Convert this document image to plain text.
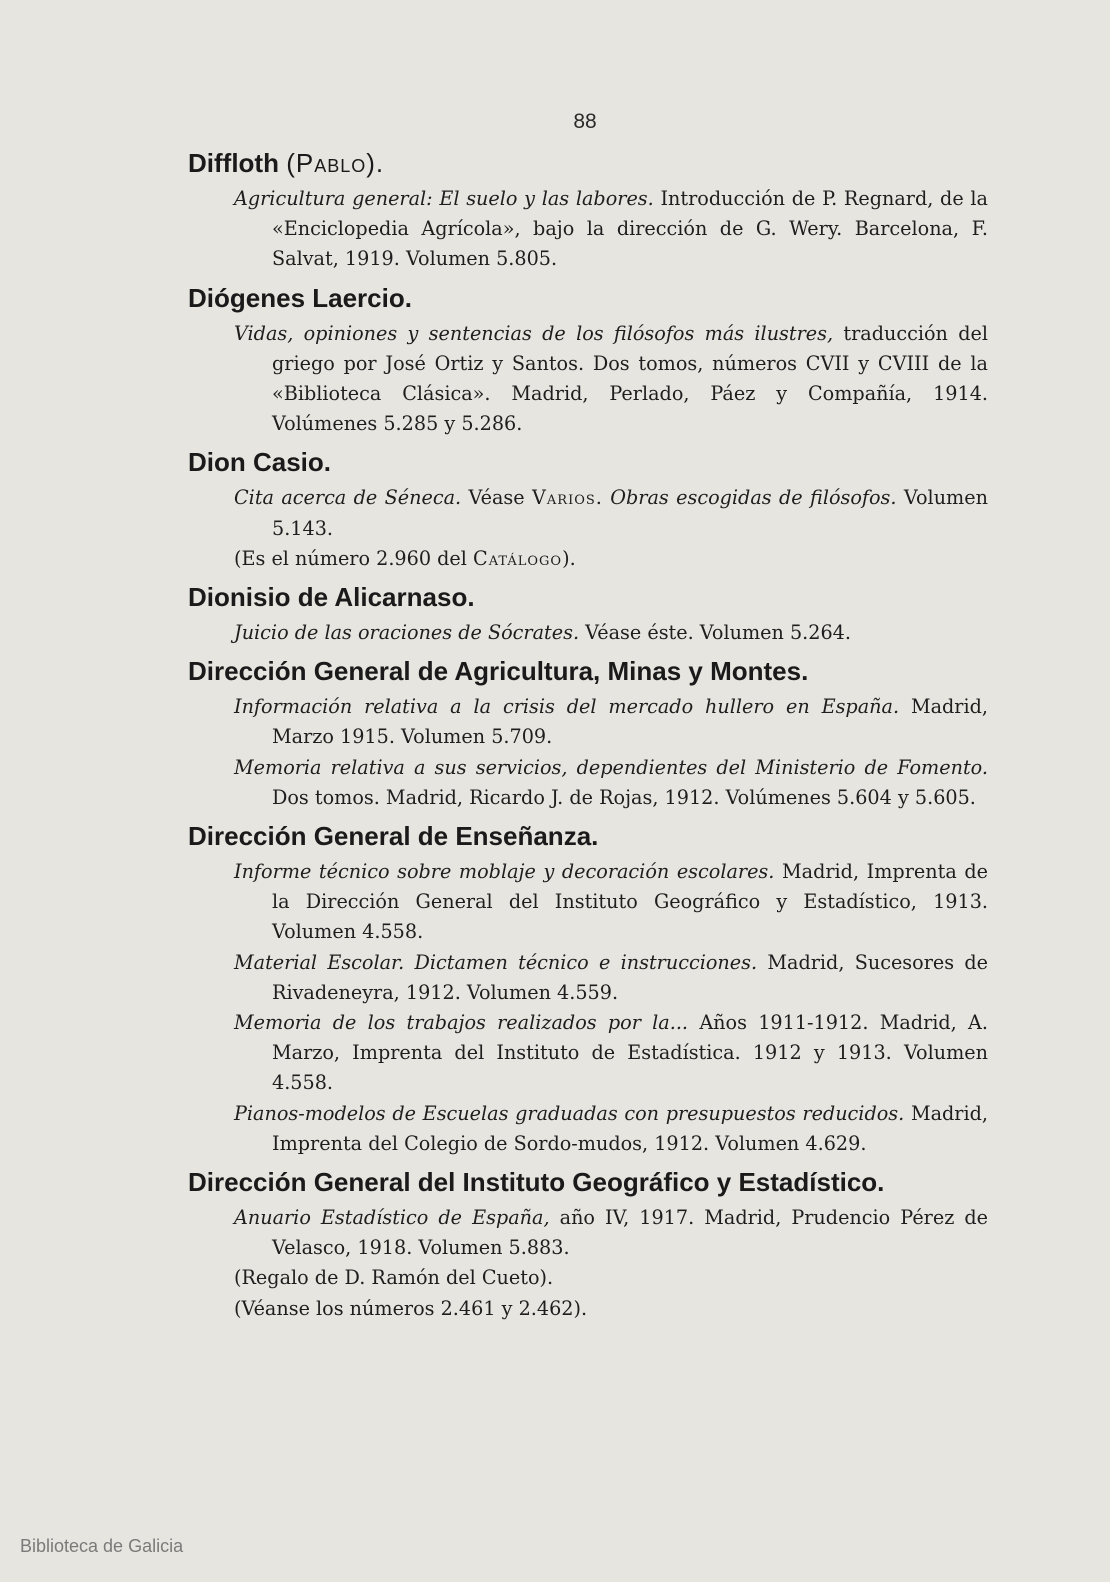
88
Diffloth (Pablo).

Agricultura general: El suelo y las labores. Introducción de P. Regnard, de la «Enciclopedia Agrícola», bajo la dirección de G. Wery. Barcelona, F. Salvat, 1919. Volumen 5.805.

Diógenes Laercio.

Vidas, opiniones y sentencias de los filósofos más ilustres, traducción del griego por José Ortiz y Santos. Dos tomos, números CVII y CVIII de la «Biblioteca Clásica». Madrid, Perlado, Páez y Compañía, 1914. Volúmenes 5.285 y 5.286.

Dion Casio.

Cita acerca de Séneca. Véase Varios. Obras escogidas de filósofos. Volumen 5.143.

(Es el número 2.960 del Catálogo).

Dionisio de Alicarnaso.

Juicio de las oraciones de Sócrates. Véase éste. Volumen 5.264.

Dirección General de Agricultura, Minas y Montes.

Información relativa a la crisis del mercado hullero en España. Madrid, Marzo 1915. Volumen 5.709.

Memoria relativa a sus servicios, dependientes del Ministerio de Fomento. Dos tomos. Madrid, Ricardo J. de Rojas, 1912. Volúmenes 5.604 y 5.605.

Dirección General de Enseñanza.

Informe técnico sobre moblaje y decoración escolares. Madrid, Imprenta de la Dirección General del Instituto Geográfico y Estadístico, 1913. Volumen 4.558.

Material Escolar. Dictamen técnico e instrucciones. Madrid, Sucesores de Rivadeneyra, 1912. Volumen 4.559.

Memoria de los trabajos realizados por la... Años 1911-1912. Madrid, A. Marzo, Imprenta del Instituto de Estadística. 1912 y 1913. Volumen 4.558.

Pianos-modelos de Escuelas graduadas con presupuestos reducidos. Madrid, Imprenta del Colegio de Sordo-mudos, 1912. Volumen 4.629.

Dirección General del Instituto Geográfico y Estadístico.

Anuario Estadístico de España, año IV, 1917. Madrid, Prudencio Pérez de Velasco, 1918. Volumen 5.883.

(Regalo de D. Ramón del Cueto).

(Véanse los números 2.461 y 2.462).

Biblioteca de Galicia
